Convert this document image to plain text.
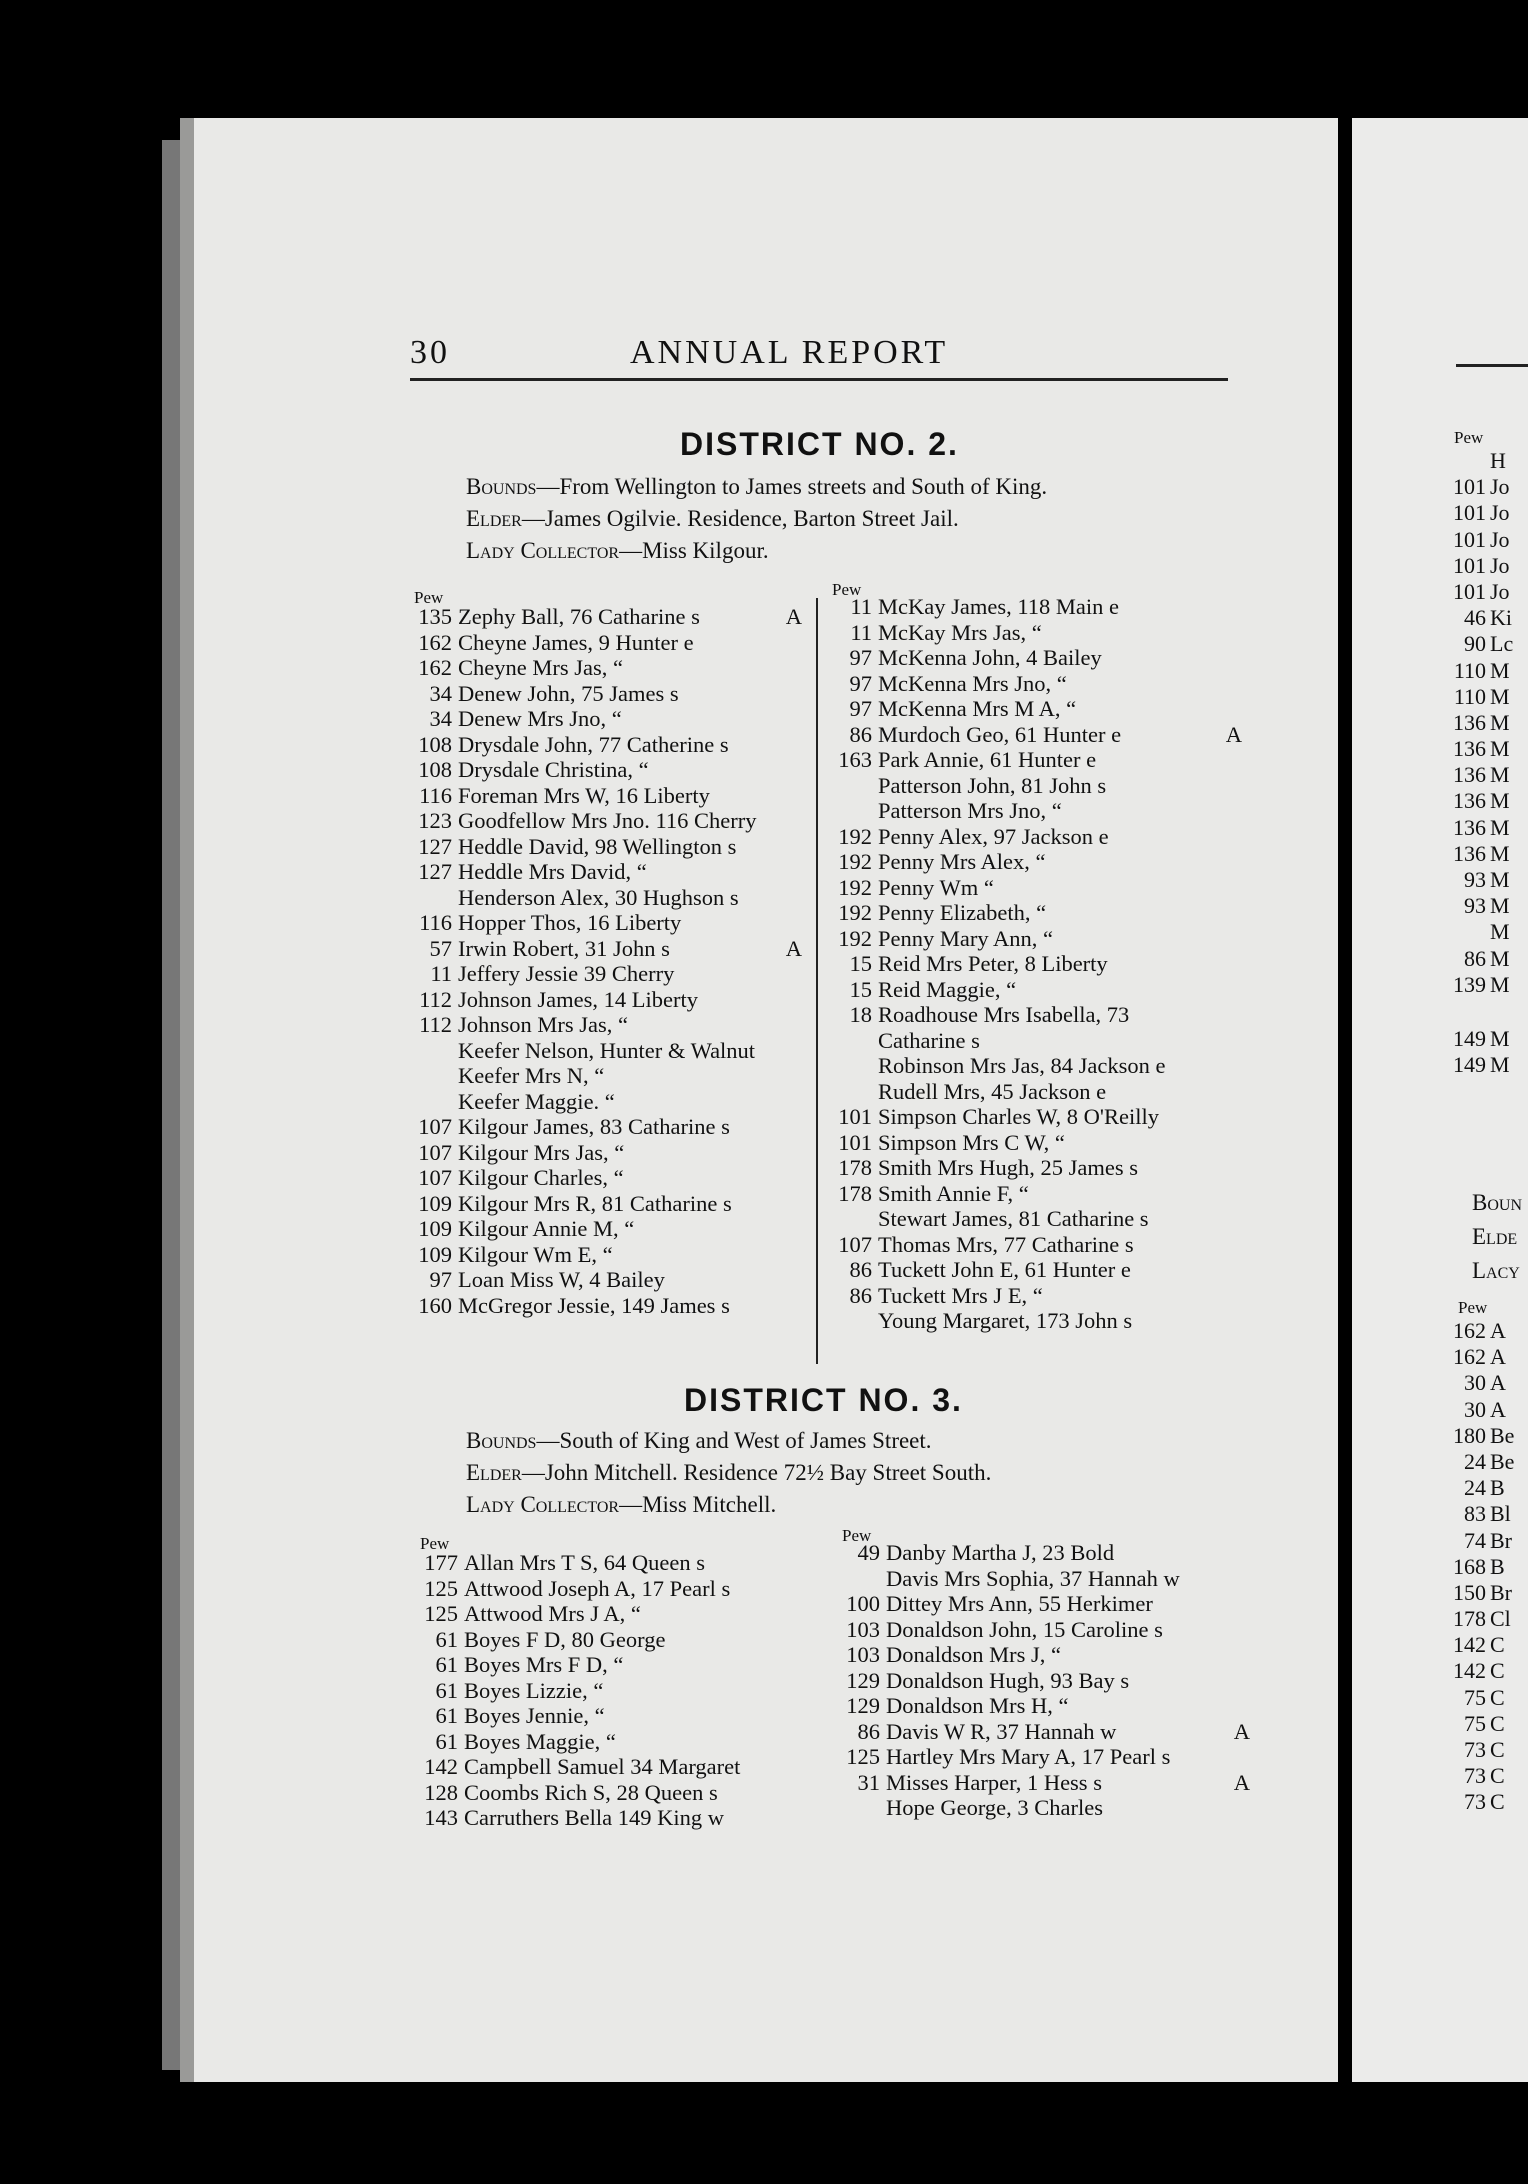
30	ANNUAL REPORT
DISTRICT NO. 2.
Bounds—From Wellington to James streets and South of King.
Elder—James Ogilvie. Residence, Barton Street Jail.
Lady Collector—Miss Kilgour.
Pew	Pew
135 Zephy Ball, 76 Catharine s	A
162 Cheyne James, 9 Hunter e
162 Cheyne Mrs Jas, “
34 Denew John, 75 James s
34 Denew Mrs Jno, “
108 Drysdale John, 77 Catherine s
108 Drysdale Christina, “
116 Foreman Mrs W, 16 Liberty
123 Goodfellow Mrs Jno. 116 Cherry
127 Heddle David, 98 Wellington s
127 Heddle Mrs David, “
Henderson Alex, 30 Hughson s
116 Hopper Thos, 16 Liberty
57 Irwin Robert, 31 John s	A
11 Jeffery Jessie 39 Cherry
112 Johnson James, 14 Liberty
112 Johnson Mrs Jas, “
Keefer Nelson, Hunter & Walnut
Keefer Mrs N, “
Keefer Maggie. “
107 Kilgour James, 83 Catharine s
107 Kilgour Mrs Jas, “
107 Kilgour Charles, “
109 Kilgour Mrs R, 81 Catharine s
109 Kilgour Annie M, “
109 Kilgour Wm E, “
97 Loan Miss W, 4 Bailey
160 McGregor Jessie, 149 James s
11 McKay James, 118 Main e
11 McKay Mrs Jas, “
97 McKenna John, 4 Bailey
97 McKenna Mrs Jno, “
97 McKenna Mrs M A, “
86 Murdoch Geo, 61 Hunter e	A
163 Park Annie, 61 Hunter e
Patterson John, 81 John s
Patterson Mrs Jno, “
192 Penny Alex, 97 Jackson e
192 Penny Mrs Alex, “
192 Penny Wm “
192 Penny Elizabeth, “
192 Penny Mary Ann, “
15 Reid Mrs Peter, 8 Liberty
15 Reid Maggie, “
18 Roadhouse Mrs Isabella, 73
Catharine s
Robinson Mrs Jas, 84 Jackson e
Rudell Mrs, 45 Jackson e
101 Simpson Charles W, 8 O'Reilly
101 Simpson Mrs C W, “
178 Smith Mrs Hugh, 25 James s
178 Smith Annie F, “
Stewart James, 81 Catharine s
107 Thomas Mrs, 77 Catharine s
86 Tuckett John E, 61 Hunter e
86 Tuckett Mrs J E, “
Young Margaret, 173 John s
DISTRICT NO. 3.
Bounds—South of King and West of James Street.
Elder—John Mitchell. Residence 72½ Bay Street South.
Lady Collector—Miss Mitchell.
Pew	Pew
177 Allan Mrs T S, 64 Queen s
125 Attwood Joseph A, 17 Pearl s
125 Attwood Mrs J A, “
61 Boyes F D, 80 George
61 Boyes Mrs F D, “
61 Boyes Lizzie, “
61 Boyes Jennie, “
61 Boyes Maggie, “
142 Campbell Samuel 34 Margaret
128 Coombs Rich S, 28 Queen s
143 Carruthers Bella 149 King w
49 Danby Martha J, 23 Bold
Davis Mrs Sophia, 37 Hannah w
100 Dittey Mrs Ann, 55 Herkimer
103 Donaldson John, 15 Caroline s
103 Donaldson Mrs J, “
129 Donaldson Hugh, 93 Bay s
129 Donaldson Mrs H, “
86 Davis W R, 37 Hannah w	A
125 Hartley Mrs Mary A, 17 Pearl s
31 Misses Harper, 1 Hess s	A
Hope George, 3 Charles
Pew
H
101 Jo
101 Jo
101 Jo
101 Jo
101 Jo
46 Ki
90 Lc
110 M
110 M
136 M
136 M
136 M
136 M
136 M
136 M
93 M
93 M
M
86 M
139 M
149 M
149 M
Boun
Elde
Lacy
Pew
162 A
162 A
30 A
30 A
180 Be
24 Be
24 B
83 Bl
74 Br
168 B
150 Br
178 Cl
142 C
142 C
75 C
75 C
73 C
73 C
73 C
